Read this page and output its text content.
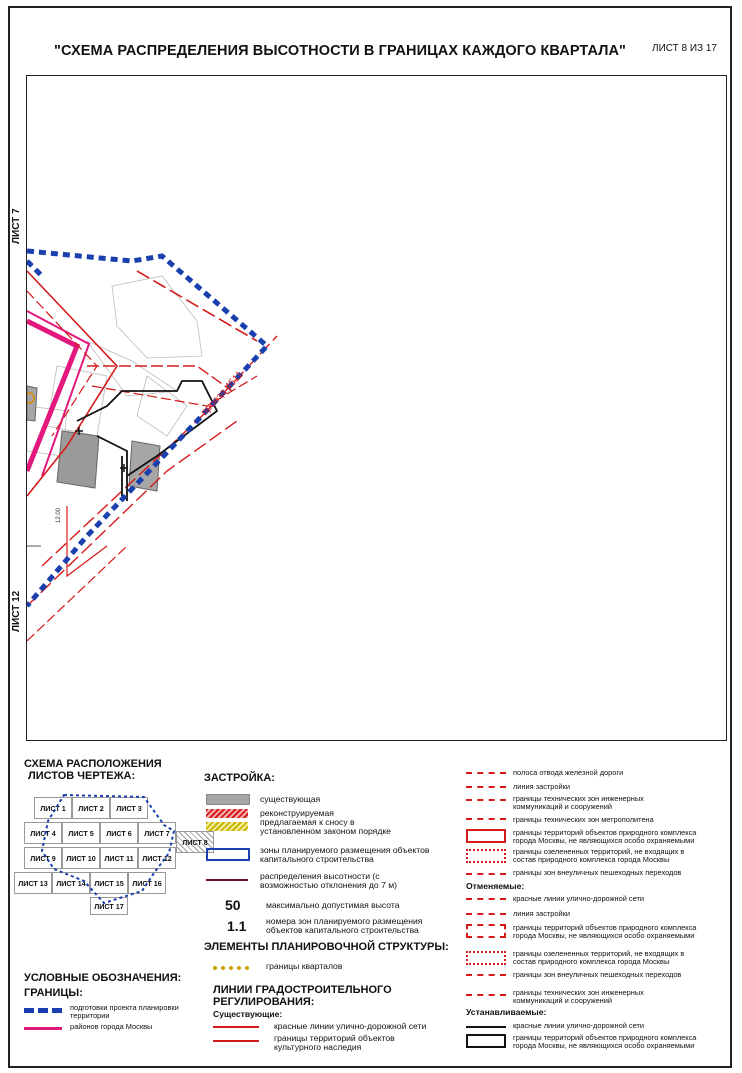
"СХЕМА РАСПРЕДЕЛЕНИЯ ВЫСОТНОСТИ В ГРАНИЦАХ КАЖДОГО КВАРТАЛА"	ЛИСТ 8 ИЗ 17
проезд 4511
12.00
ЛИСТ 7
ЛИСТ 12
СХЕМА РАСПОЛОЖЕНИЯ
ЛИСТОВ ЧЕРТЕЖА:
ЛИСТ 1	ЛИСТ 2	ЛИСТ 3
ЛИСТ 4	ЛИСТ 5	ЛИСТ 6	ЛИСТ 7
ЛИСТ 8
ЛИСТ 9	ЛИСТ 10	ЛИСТ 11	ЛИСТ 12
ЛИСТ 13	ЛИСТ 14	ЛИСТ 15	ЛИСТ 16
ЛИСТ 17
УСЛОВНЫЕ ОБОЗНАЧЕНИЯ:
ГРАНИЦЫ:
подготовки проекта планировки
территории
районов города Москвы
ЗАСТРОЙКА:
существующая
реконструируемая
предлагаемая к сносу в
установленном законом порядке
зоны планируемого размещения объектов
капитального строительства
распределения высотности (с
возможностью отклонения до 7 м)
50	максимально допустимая высота
1.1 номера зон планируемого размещения
объектов капитального строительства
ЭЛЕМЕНТЫ ПЛАНИРОВОЧНОЙ СТРУКТУРЫ:
границы кварталов
ЛИНИИ ГРАДОСТРОИТЕЛЬНОГО
РЕГУЛИРОВАНИЯ:
Существующие:
красные линии улично-дорожной сети
границы территорий объектов
культурного наследия
полоса отвода железной дороги
линия застройки
границы технических зон инженерных
коммуникаций и сооружений
границы технических зон метрополитена
границы территорий объектов природного комплекса
города Москвы, не являющихся особо охраняемыми
границы озелененных территорий, не входящих в
состав природного комплекса города Москвы
границы зон внеуличных пешеходных переходов
Отменяемые:
красные линии улично-дорожной сети
линия застройки
границы территорий объектов природного комплекса
города Москвы, не являющихся особо охраняемыми
границы озелененных территорий, не входящих в
состав природного комплекса города Москвы
границы зон внеуличных пешеходных переходов
границы технических зон инженерных
коммуникаций и сооружений
Устанавливаемые:
красные линии улично-дорожной сети
границы территорий объектов природного комплекса
города Москвы, не являющихся особо охраняемыми
